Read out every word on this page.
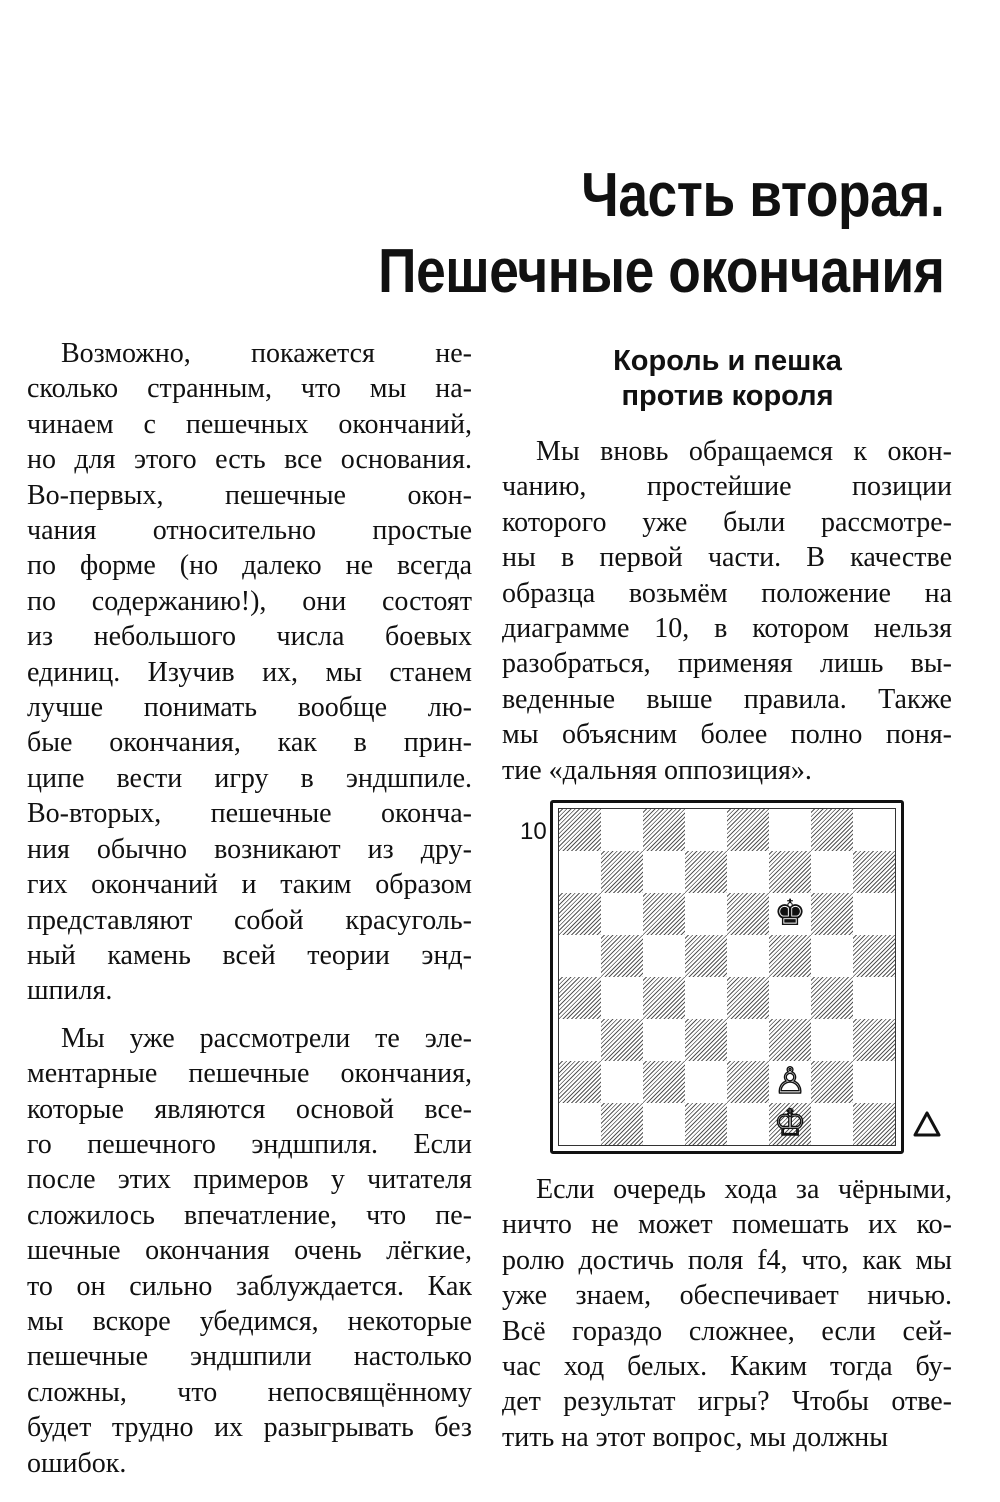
Часть вторая.
Пешечные окончания

Возможно, покажется не-

сколько странным, что мы на-

чинаем с пешечных окончаний,

но для этого есть все основания.

Во-первых, пешечные окон-

чания относительно простые

по форме (но далеко не всегда

по содержанию!), они состоят

из небольшого числа боевых

единиц. Изучив их, мы станем

лучше понимать вообще лю-

бые окончания, как в прин-

ципе вести игру в эндшпиле.

Во-вторых, пешечные оконча-

ния обычно возникают из дру-

гих окончаний и таким образом

представляют собой красуголь-

ный камень всей теории энд-

шпиля.

Мы уже рассмотрели те эле-

ментарные пешечные окончания,

которые являются основой все-

го пешечного эндшпиля. Если

после этих примеров у читателя

сложилось впечатление, что пе-

шечные окончания очень лёгкие,

то он сильно заблуждается. Как

мы вскоре убедимся, некоторые

пешечные эндшпили настолько

сложны, что непосвящённому

будет трудно их разыгрывать без

ошибок.

Король и пешка
против короля

Мы вновь обращаемся к окон-

чанию, простейшие позиции

которого уже были рассмотре-

ны в первой части. В качестве

образца возьмём положение на

диаграмме 10, в котором нельзя

разобраться, применяя лишь вы-

веденные выше правила. Также

мы объясним более полно поня-

тие «дальняя оппозиция».

10
♚
♙
♔

Если очередь хода за чёрными,

ничто не может помешать их ко-

ролю достичь поля f4, что, как мы

уже знаем, обеспечивает ничью.

Всё гораздо сложнее, если сей-

час ход белых. Каким тогда бу-

дет результат игры? Чтобы отве-

тить на этот вопрос, мы должны
